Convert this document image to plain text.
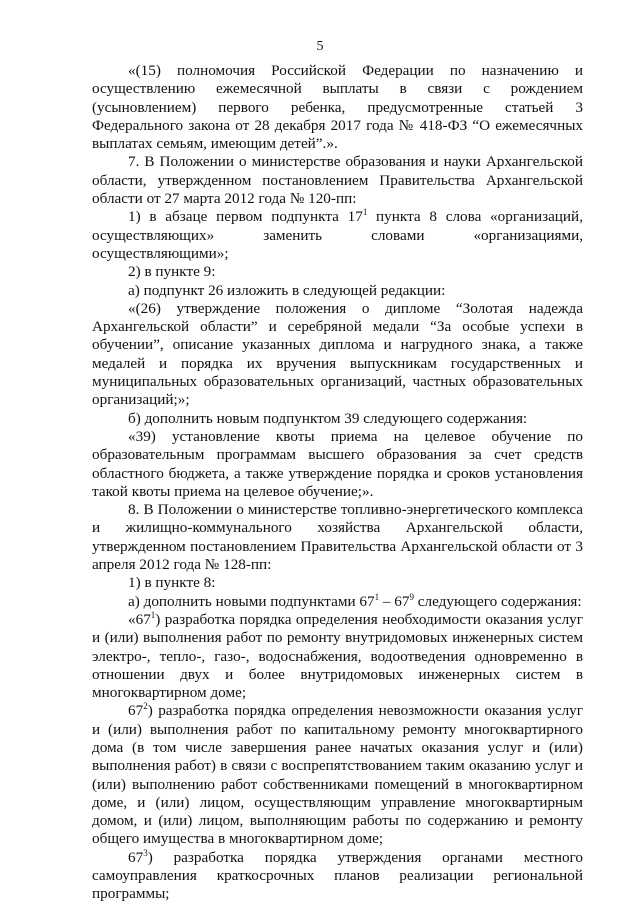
5

«(15) полномочия Российской Федерации по назначению и осуществлению ежемесячной выплаты в связи с рождением (усыновлением) первого ребенка, предусмотренные статьей 3 Федерального закона от 28 декабря 2017 года № 418-ФЗ “О ежемесячных выплатах семьям, имеющим детей”.».

7. В Положении о министерстве образования и науки Архангельской области, утвержденном постановлением Правительства Архангельской области от 27 марта 2012 года № 120-пп:

1) в абзаце первом подпункта $17^1$ пункта 8 слова «организаций, осуществляющих» заменить словами «организациями, осуществляющими»;

2) в пункте 9:

а) подпункт 26 изложить в следующей редакции:

«(26) утверждение положения о дипломе “Золотая надежда Архангельской области” и серебряной медали “За особые успехи в обучении”, описание указанных диплома и нагрудного знака, а также медалей и порядка их вручения выпускникам государственных и муниципальных образовательных организаций, частных образовательных организаций;»;

б) дополнить новым подпунктом 39 следующего содержания:

«39) установление квоты приема на целевое обучение по образовательным программам высшего образования за счет средств областного бюджета, а также утверждение порядка и сроков установления такой квоты приема на целевое обучение;».

8. В Положении о министерстве топливно-энергетического комплекса и жилищно-коммунального хозяйства Архангельской области, утвержденном постановлением Правительства Архангельской области от 3 апреля 2012 года № 128-пп:

1) в пункте 8:

а) дополнить новыми подпунктами $67^1 - 67^9$ следующего содержания:

«$67^1$) разработка порядка определения необходимости оказания услуг и (или) выполнения работ по ремонту внутридомовых инженерных систем электро-, тепло-, газо-, водоснабжения, водоотведения одновременно в отношении двух и более внутридомовых инженерных систем в многоквартирном доме;

$67^2$) разработка порядка определения невозможности оказания услуг и (или) выполнения работ по капитальному ремонту многоквартирного дома (в том числе завершения ранее начатых оказания услуг и (или) выполнения работ) в связи с воспрепятствованием таким оказанию услуг и (или) выполнению работ собственниками помещений в многоквартирном доме, и (или) лицом, осуществляющим управление многоквартирным домом, и (или) лицом, выполняющим работы по содержанию и ремонту общего имущества в многоквартирном доме;

$67^3$) разработка порядка утверждения органами местного самоуправления краткосрочных планов реализации региональной программы;
